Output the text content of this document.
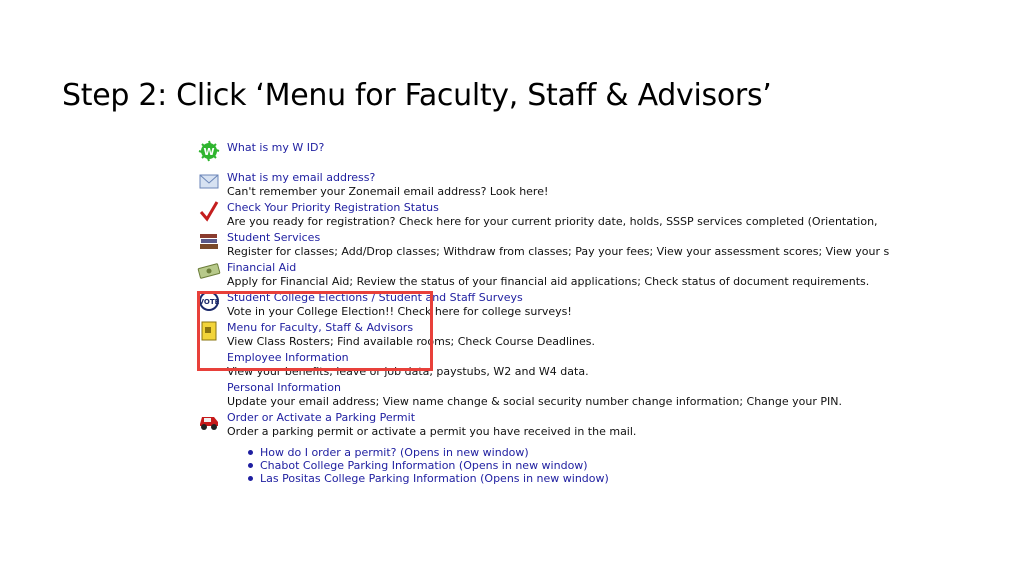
Step 2: Click ‘Menu for Faculty, Staff & Advisors’
W What is my W ID?
What is my email address?
Can't remember your Zonemail email address? Look here!
Check Your Priority Registration Status
Are you ready for registration? Check here for your current priority date, holds, SSSP services completed (Orientation,
Student Services
Register for classes; Add/Drop classes; Withdraw from classes; Pay your fees; View your assessment scores; View your s
Financial Aid
Apply for Financial Aid; Review the status of your financial aid applications; Check status of document requirements.
VOTE Student College Elections / Student and Staff Surveys
Vote in your College Election!! Check here for college surveys!
Menu for Faculty, Staff & Advisors
View Class Rosters; Find available rooms; Check Course Deadlines.
Employee Information
View your benefits, leave or job data, paystubs, W2 and W4 data.
Personal Information
Update your email address; View name change & social security number change information; Change your PIN.
Order or Activate a Parking Permit
Order a parking permit or activate a permit you have received in the mail.
How do I order a permit? (Opens in new window)
Chabot College Parking Information (Opens in new window)
Las Positas College Parking Information (Opens in new window)
